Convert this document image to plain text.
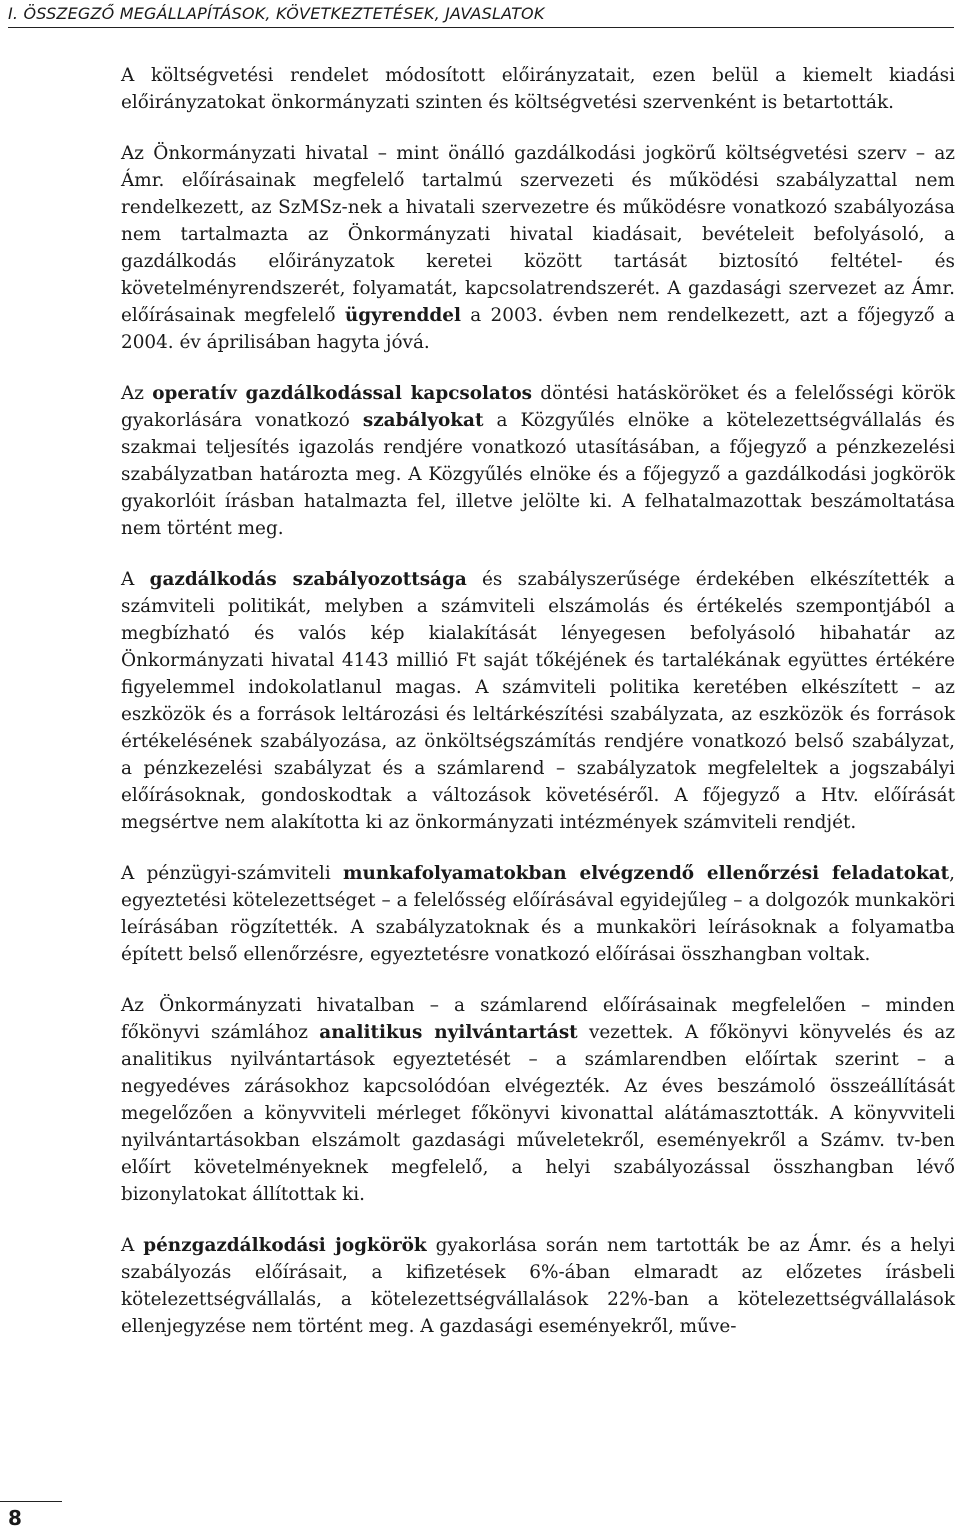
I. ÖSSZEGZŐ MEGÁLLAPÍTÁSOK, KÖVETKEZTETÉSEK, JAVASLATOK

A költségvetési rendelet módosított előirányzatait, ezen belül a kiemelt kiadási előirányzatokat önkormányzati szinten és költségvetési szervenként is betartották.

Az Önkormányzati hivatal – mint önálló gazdálkodási jogkörű költségvetési szerv – az Ámr. előírásainak megfelelő tartalmú szervezeti és működési szabályzattal nem rendelkezett, az SzMSz-nek a hivatali szervezetre és működésre vonatkozó szabályozása nem tartalmazta az Önkormányzati hivatal kiadásait, bevételeit befolyásoló, a gazdálkodás előirányzatok keretei között tartását biztosító feltétel- és követelményrendszerét, folyamatát, kapcsolatrendszerét. A gazdasági szervezet az Ámr. előírásainak megfelelő ügyrenddel a 2003. évben nem rendelkezett, azt a főjegyző a 2004. év áprilisában hagyta jóvá.

Az operatív gazdálkodással kapcsolatos döntési hatásköröket és a felelősségi körök gyakorlására vonatkozó szabályokat a Közgyűlés elnöke a kötelezettségvállalás és szakmai teljesítés igazolás rendjére vonatkozó utasításában, a főjegyző a pénzkezelési szabályzatban határozta meg. A Közgyűlés elnöke és a főjegyző a gazdálkodási jogkörök gyakorlóit írásban hatalmazta fel, illetve jelölte ki. A felhatalmazottak beszámoltatása nem történt meg.

A gazdálkodás szabályozottsága és szabályszerűsége érdekében elkészítették a számviteli politikát, melyben a számviteli elszámolás és értékelés szempontjából a megbízható és valós kép kialakítását lényegesen befolyásoló hibahatár az Önkormányzati hivatal 4143 millió Ft saját tőkéjének és tartalékának együttes értékére figyelemmel indokolatlanul magas. A számviteli politika keretében elkészített – az eszközök és a források leltározási és leltárkészítési szabályzata, az eszközök és források értékelésének szabályozása, az önköltségszámítás rendjére vonatkozó belső szabályzat, a pénzkezelési szabályzat és a számlarend – szabályzatok megfeleltek a jogszabályi előírásoknak, gondoskodtak a változások követéséről. A főjegyző a Htv. előírását megsértve nem alakította ki az önkormányzati intézmények számviteli rendjét.

A pénzügyi-számviteli munkafolyamatokban elvégzendő ellenőrzési feladatokat, egyeztetési kötelezettséget – a felelősség előírásával egyidejűleg – a dolgozók munkaköri leírásában rögzítették. A szabályzatoknak és a munkaköri leírásoknak a folyamatba épített belső ellenőrzésre, egyeztetésre vonatkozó előírásai összhangban voltak.

Az Önkormányzati hivatalban – a számlarend előírásainak megfelelően – minden főkönyvi számlához analitikus nyilvántartást vezettek. A főkönyvi könyvelés és az analitikus nyilvántartások egyeztetését – a számlarendben előírtak szerint – a negyedéves zárásokhoz kapcsolódóan elvégezték. Az éves beszámoló összeállítását megelőzően a könyvviteli mérleget főkönyvi kivonattal alátámasztották. A könyvviteli nyilvántartásokban elszámolt gazdasági műveletekről, eseményekről a Számv. tv-ben előírt követelményeknek megfelelő, a helyi szabályozással összhangban lévő bizonylatokat állítottak ki.

A pénzgazdálkodási jogkörök gyakorlása során nem tartották be az Ámr. és a helyi szabályozás előírásait, a kifizetések 6%-ában elmaradt az előzetes írásbeli kötelezettségvállalás, a kötelezettségvállalások 22%-ban a kötelezettségvállalások ellenjegyzése nem történt meg. A gazdasági eseményekről, műve-

8
